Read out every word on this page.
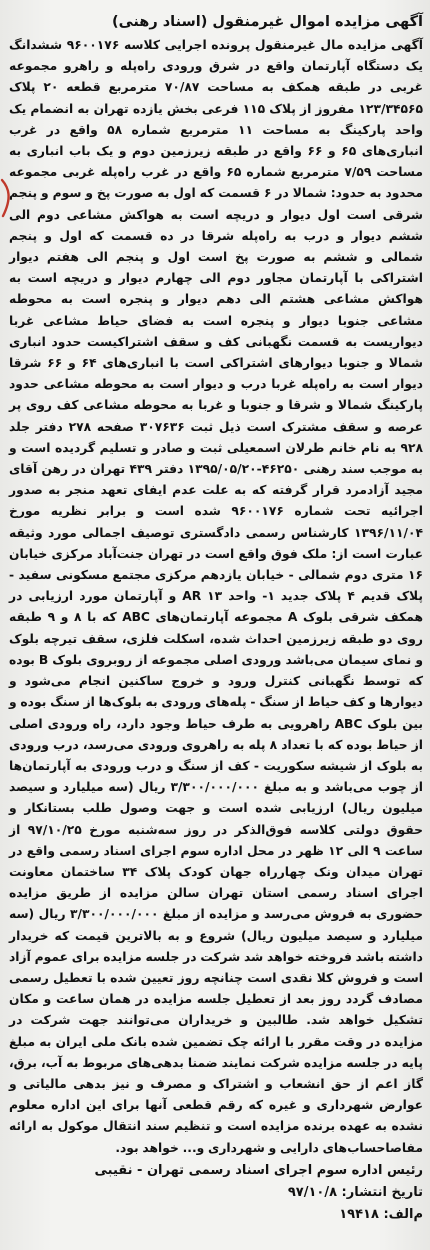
آگهی مزایده اموال غیرمنقول (اسناد رهنی)

آگهی مزایده مال غیرمنقول پرونده اجرایی کلاسه ۹۶۰۰۱۷۶ ششدانگ یک دستگاه آپارتمان واقع در شرق ورودی راه‌پله و راهرو مجموعه غربی در طبقه همکف به مساحت ۷۰/۸۷ مترمربع قطعه ۲۰ پلاک ۱۲۳/۳۴۵۶۵ مفروز از پلاک ۱۱۵ فرعی بخش یازده تهران به انضمام یک واحد پارکینگ به مساحت ۱۱ مترمربع شماره ۵۸ واقع در غرب انباری‌های ۶۵ و ۶۶ واقع در طبقه زیرزمین دوم و یک باب انباری به مساحت ۷/۵۹ مترمربع شماره ۶۵ واقع در غرب راه‌پله غربی مجموعه محدود به حدود: شمالا در ۶ قسمت که اول به صورت پخ و سوم و پنجم شرقی است اول دیوار و دریچه است به هواکش مشاعی دوم الی ششم دیوار و درب به راه‌پله شرقا در ده قسمت که اول و پنجم شمالی و ششم به صورت پخ است اول و پنجم الی هفتم دیوار اشتراکی با آپارتمان مجاور دوم الی چهارم دیوار و دریچه است به هواکش مشاعی هشتم الی دهم دیوار و پنجره است به محوطه مشاعی جنوبا دیوار و پنجره است به فضای حیاط مشاعی غربا دیواریست به قسمت نگهبانی کف و سقف اشتراکیست حدود انباری شمالا و جنوبا دیوارهای اشتراکی است با انباری‌های ۶۴ و ۶۶ شرقا دیوار است به راه‌پله غربا درب و دیوار است به محوطه مشاعی حدود پارکینگ شمالا و شرقا و جنوبا و غربا به محوطه مشاعی کف روی پر عرصه و سقف مشترک است ذیل ثبت ۳۰۷۶۳۶ صفحه ۲۷۸ دفتر جلد ۹۲۸ به نام خانم طرلان اسمعیلی ثبت و صادر و تسلیم گردیده است و به موجب سند رهنی ۴۶۲۵۰-۱۳۹۵/۰۵/۲۰ دفتر ۴۳۹ تهران در رهن آقای مجید آزادمرد قرار گرفته که به علت عدم ایفای تعهد منجر به صدور اجرائیه تحت شماره ۹۶۰۰۱۷۶ شده است و برابر نظریه مورخ ۱۳۹۶/۱۱/۰۴ کارشناس رسمی دادگستری توصیف اجمالی مورد وثیقه عبارت است از: ملک فوق واقع است در تهران جنت‌آباد مرکزی خیابان ۱۶ متری دوم شمالی - خیابان یازدهم مرکزی مجتمع مسکونی سفید - پلاک قدیم ۴ پلاک جدید ۱- واحد ۱۳ AR و آپارتمان مورد ارزیابی در همکف شرقی بلوک A مجموعه آپارتمان‌های ABC که با ۸ و ۹ طبقه روی دو طبقه زیرزمین احداث شده، اسکلت فلزی، سقف تیرچه بلوک و نمای سیمان می‌باشد ورودی اصلی مجموعه از روبروی بلوک B بوده که توسط نگهبانی کنترل ورود و خروج ساکنین انجام می‌شود و دیوارها و کف حیاط از سنگ - پله‌های ورودی به بلوک‌ها از سنگ بوده و بین بلوک ABC راهرویی به طرف حیاط وجود دارد، راه ورودی اصلی از حیاط بوده که با تعداد ۸ پله به راهروی ورودی می‌رسد، درب ورودی به بلوک از شیشه سکوریت - کف از سنگ و درب ورودی به آپارتمان‌ها از چوب می‌باشد و به مبلغ ۳/۳۰۰/۰۰۰/۰۰۰ ریال (سه میلیارد و سیصد میلیون ریال) ارزیابی شده است و جهت وصول طلب بستانکار و حقوق دولتی کلاسه فوق‌الذکر در روز سه‌شنبه مورخ ۹۷/۱۰/۲۵ از ساعت ۹ الی ۱۲ ظهر در محل اداره سوم اجرای اسناد رسمی واقع در تهران میدان ونک چهارراه جهان کودک پلاک ۳۴ ساختمان معاونت اجرای اسناد رسمی استان تهران سالن مزایده از طریق مزایده حضوری به فروش می‌رسد و مزایده از مبلغ ۳/۳۰۰/۰۰۰/۰۰۰ ریال (سه میلیارد و سیصد میلیون ریال) شروع و به بالاترین قیمت که خریدار داشته باشد فروخته خواهد شد شرکت در جلسه مزایده برای عموم آزاد است و فروش کلا نقدی است چنانچه روز تعیین شده با تعطیل رسمی مصادف گردد روز بعد از تعطیل جلسه مزایده در همان ساعت و مکان تشکیل خواهد شد. طالبین و خریداران می‌توانند جهت شرکت در مزایده در وقت مقرر با ارائه چک تضمین شده بانک ملی ایران به مبلغ پایه در جلسه مزایده شرکت نمایند ضمنا بدهی‌های مربوط به آب، برق، گاز اعم از حق انشعاب و اشتراک و مصرف و نیز بدهی مالیاتی و عوارض شهرداری و غیره که رقم قطعی آنها برای این اداره معلوم نشده به عهده برنده مزایده است و تنظیم سند انتقال موکول به ارائه مفاصاحساب‌های دارایی و شهرداری و... خواهد بود.

رئیس اداره سوم اجرای اسناد رسمی تهران - نقیبی
تاریخ انتشار: ۹۷/۱۰/۸
م‌الف: ۱۹۴۱۸
